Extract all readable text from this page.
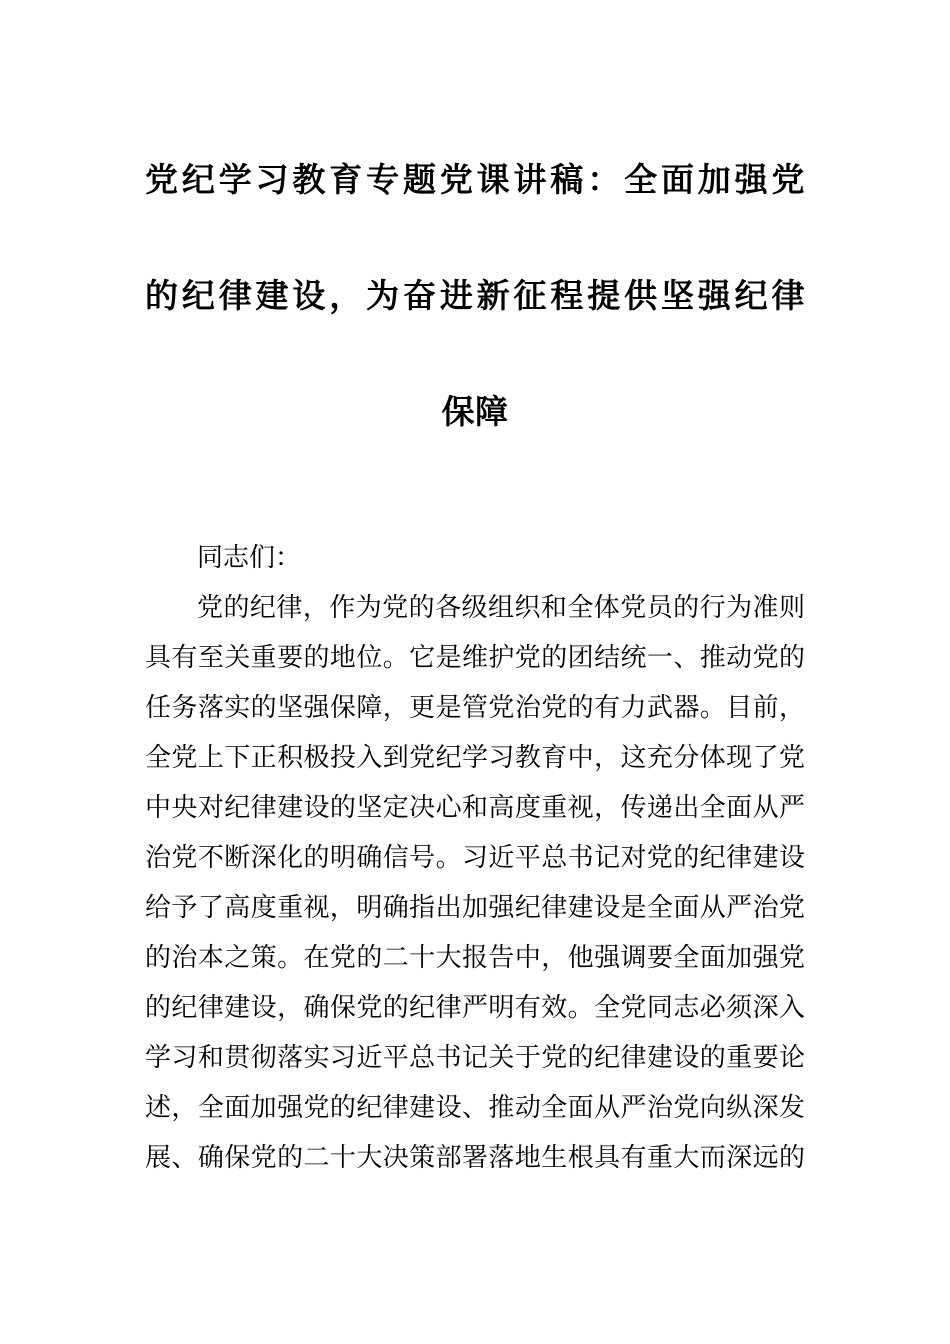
党纪学习教育专题党课讲稿：全面加强党
的纪律建设，为奋进新征程提供坚强纪律
保障
同志们：
党的纪律，作为党的各级组织和全体党员的行为准则
具有至关重要的地位。它是维护党的团结统一、推动党的
任务落实的坚强保障，更是管党治党的有力武器。目前，
全党上下正积极投入到党纪学习教育中，这充分体现了党
中央对纪律建设的坚定决心和高度重视，传递出全面从严
治党不断深化的明确信号。习近平总书记对党的纪律建设
给予了高度重视，明确指出加强纪律建设是全面从严治党
的治本之策。在党的二十大报告中，他强调要全面加强党
的纪律建设，确保党的纪律严明有效。全党同志必须深入
学习和贯彻落实习近平总书记关于党的纪律建设的重要论
述，全面加强党的纪律建设、推动全面从严治党向纵深发
展、确保党的二十大决策部署落地生根具有重大而深远的
